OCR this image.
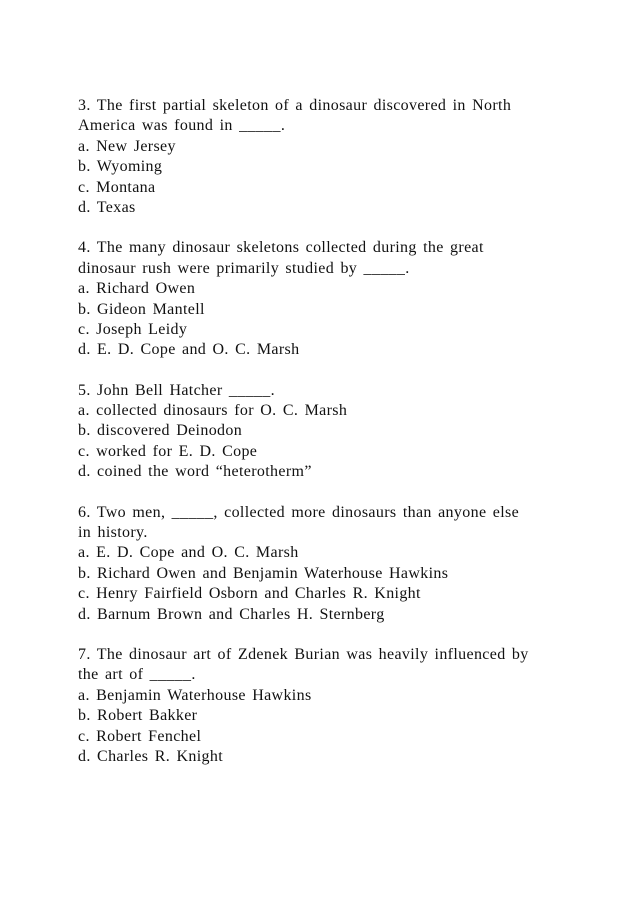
3. The first partial skeleton of a dinosaur discovered in North
America was found in _____.
a. New Jersey
b. Wyoming
c. Montana
d. Texas
4. The many dinosaur skeletons collected during the great
dinosaur rush were primarily studied by _____.
a. Richard Owen
b. Gideon Mantell
c. Joseph Leidy
d. E. D. Cope and O. C. Marsh
5. John Bell Hatcher _____.
a. collected dinosaurs for O. C. Marsh
b. discovered Deinodon
c. worked for E. D. Cope
d. coined the word “heterotherm”
6. Two men, _____, collected more dinosaurs than anyone else
in history.
a. E. D. Cope and O. C. Marsh
b. Richard Owen and Benjamin Waterhouse Hawkins
c. Henry Fairfield Osborn and Charles R. Knight
d. Barnum Brown and Charles H. Sternberg
7. The dinosaur art of Zdenek Burian was heavily influenced by
the art of _____.
a. Benjamin Waterhouse Hawkins
b. Robert Bakker
c. Robert Fenchel
d. Charles R. Knight
